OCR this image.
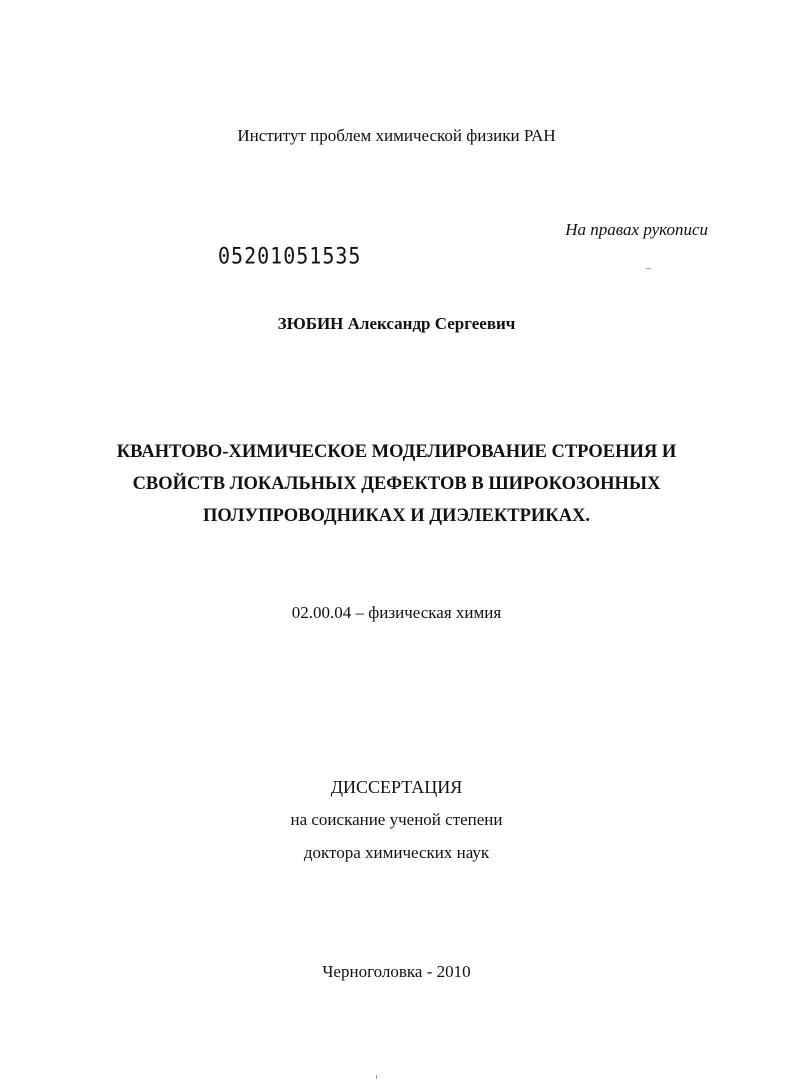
Институт проблем химической физики РАН
На правах рукописи
05201051535
ЗЮБИН Александр Сергеевич
КВАНТОВО-ХИМИЧЕСКОЕ МОДЕЛИРОВАНИЕ СТРОЕНИЯ И
СВОЙСТВ ЛОКАЛЬНЫХ ДЕФЕКТОВ В ШИРОКОЗОННЫХ
ПОЛУПРОВОДНИКАХ И ДИЭЛЕКТРИКАХ.
02.00.04 – физическая химия
ДИССЕРТАЦИЯ
на соискание ученой степени
доктора химических наук
Черноголовка - 2010
